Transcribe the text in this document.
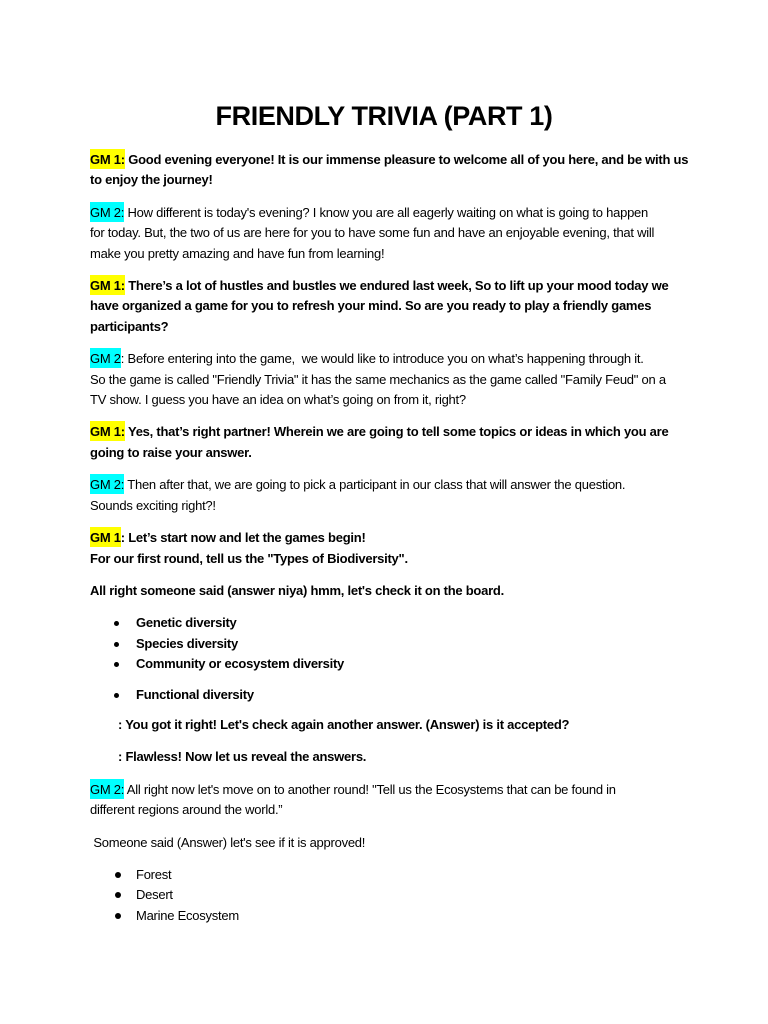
FRIENDLY TRIVIA (PART 1)
GM 1: Good evening everyone! It is our immense pleasure to welcome all of you here, and be with us
to enjoy the journey!
GM 2: How different is today's evening? I know you are all eagerly waiting on what is going to happen
for today. But, the two of us are here for you to have some fun and have an enjoyable evening, that will
make you pretty amazing and have fun from learning!
GM 1: There’s a lot of hustles and bustles we endured last week, So to lift up your mood today we
have organized a game for you to refresh your mind. So are you ready to play a friendly games
participants?
GM 2: Before entering into the game,  we would like to introduce you on what’s happening through it.
So the game is called "Friendly Trivia" it has the same mechanics as the game called "Family Feud" on a
TV show. I guess you have an idea on what’s going on from it, right?
GM 1: Yes, that’s right partner! Wherein we are going to tell some topics or ideas in which you are
going to raise your answer.
GM 2: Then after that, we are going to pick a participant in our class that will answer the question.
Sounds exciting right?!
GM 1: Let’s start now and let the games begin!
For our first round, tell us the "Types of Biodiversity".
All right someone said (answer niya) hmm, let's check it on the board.
Genetic diversity
Species diversity
Community or ecosystem diversity
Functional diversity
: You got it right! Let's check again another answer. (Answer) is it accepted?
: Flawless! Now let us reveal the answers.
GM 2: All right now let's move on to another round! "Tell us the Ecosystems that can be found in
different regions around the world.”
Someone said (Answer) let's see if it is approved!
Forest
Desert
Marine Ecosystem
